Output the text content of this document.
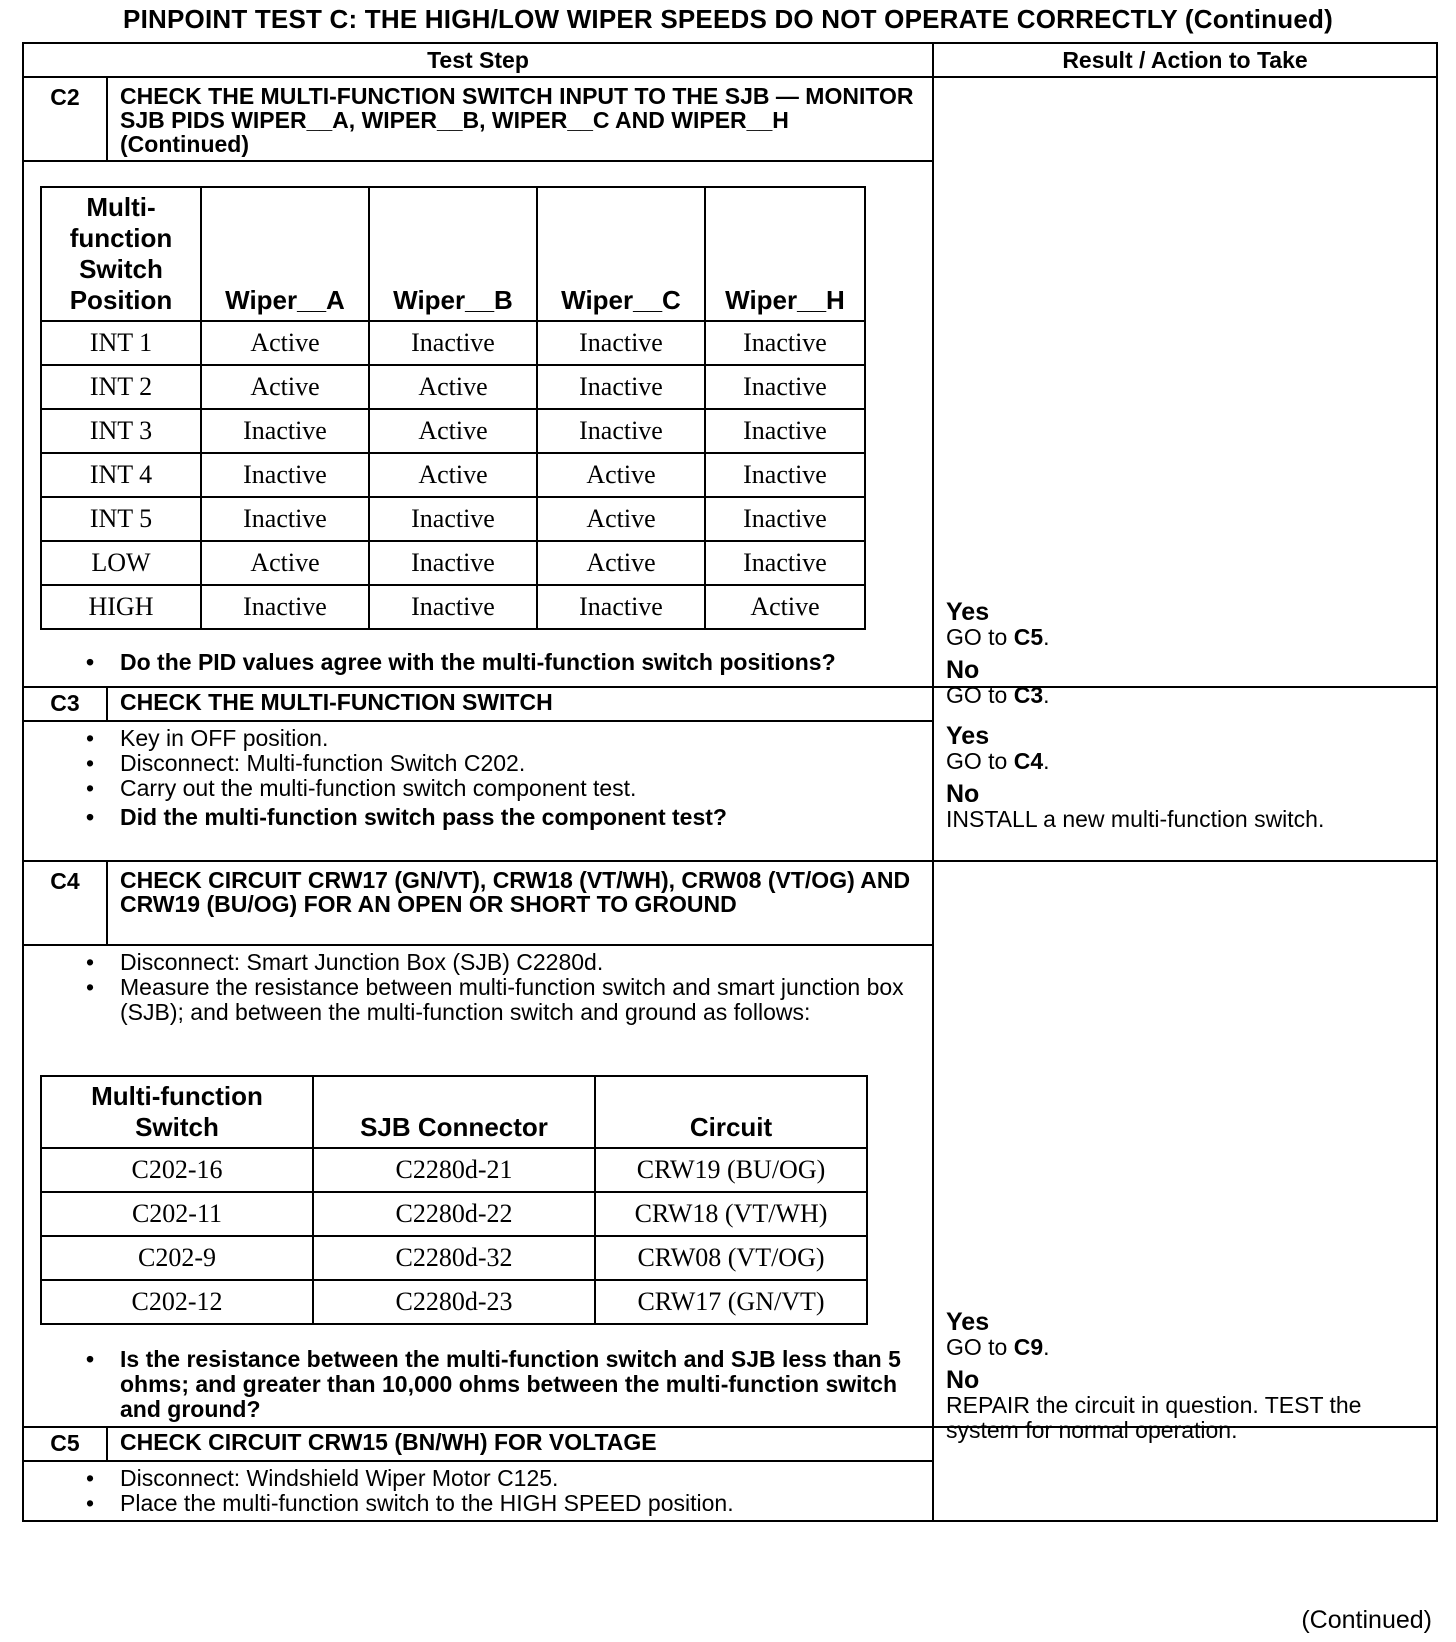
PINPOINT TEST C: THE HIGH/LOW WIPER SPEEDS DO NOT OPERATE CORRECTLY (Continued)
Test Step	Result / Action to Take

C2	CHECK THE MULTI-FUNCTION SWITCH INPUT TO THE SJB — MONITOR SJB PIDS WIPER__A, WIPER__B, WIPER__C AND WIPER__H (Continued)
Multi-function Switch Position	Wiper__A	Wiper__B	Wiper__C	Wiper__H
INT 1	Active	Inactive	Inactive	Inactive
INT 2	Active	Active	Inactive	Inactive
INT 3	Inactive	Active	Inactive	Inactive
INT 4	Inactive	Active	Active	Inactive
INT 5	Inactive	Inactive	Active	Inactive
LOW	Active	Inactive	Active	Inactive
HIGH	Inactive	Inactive	Inactive	Active
• Do the PID values agree with the multi-function switch positions?

Yes
GO to C5.
No
GO to C3.

C3	CHECK THE MULTI-FUNCTION SWITCH
• Key in OFF position.
• Disconnect: Multi-function Switch C202.
• Carry out the multi-function switch component test.
• Did the multi-function switch pass the component test?

Yes
GO to C4.
No
INSTALL a new multi-function switch.

C4	CHECK CIRCUIT CRW17 (GN/VT), CRW18 (VT/WH), CRW08 (VT/OG) AND CRW19 (BU/OG) FOR AN OPEN OR SHORT TO GROUND
• Disconnect: Smart Junction Box (SJB) C2280d.
• Measure the resistance between multi-function switch and smart junction box (SJB); and between the multi-function switch and ground as follows:
Multi-function Switch	SJB Connector	Circuit
C202-16	C2280d-21	CRW19 (BU/OG)
C202-11	C2280d-22	CRW18 (VT/WH)
C202-9	C2280d-32	CRW08 (VT/OG)
C202-12	C2280d-23	CRW17 (GN/VT)
• Is the resistance between the multi-function switch and SJB less than 5 ohms; and greater than 10,000 ohms between the multi-function switch and ground?

Yes
GO to C9.
No
REPAIR the circuit in question. TEST the system for normal operation.

C5	CHECK CIRCUIT CRW15 (BN/WH) FOR VOLTAGE
• Disconnect: Windshield Wiper Motor C125.
• Place the multi-function switch to the HIGH SPEED position.

(Continued)
